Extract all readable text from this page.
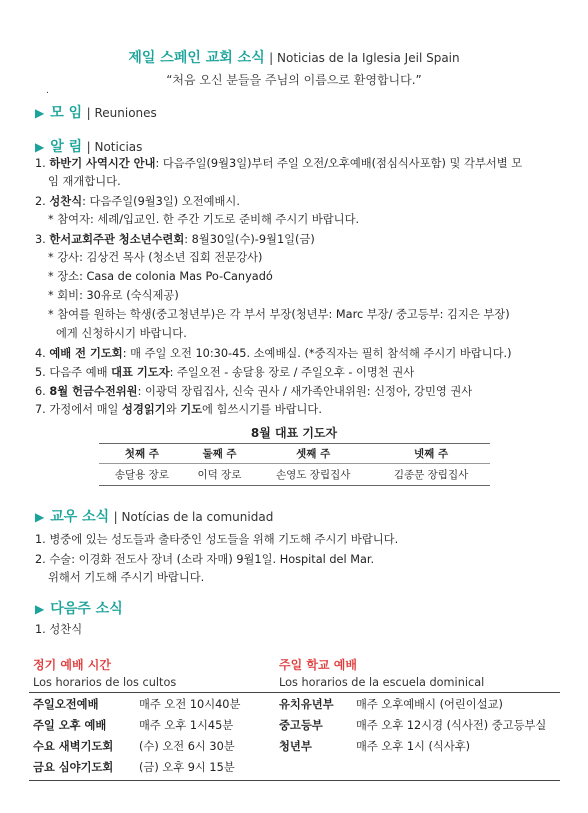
제일 스페인 교회 소식 | Noticias de la Iglesia Jeil Spain
“처음 오신 분들을 주님의 이름으로 환영합니다.”
.
▶ 모 임 | Reuniones
▶ 알 림 | Noticias
1. 하반기 사역시간 안내: 다음주일(9월3일)부터 주일 오전/오후예배(점심식사포함) 및 각부서별 모
임 재개합니다.
2. 성찬식: 다음주일(9월3일) 오전예배시.
* 참여자: 세례/입교인. 한 주간 기도로 준비해 주시기 바랍니다.
3. 한서교회주관 청소년수련회: 8월30일(수)-9월1일(금)
* 강사: 김상건 목사 (청소년 집회 전문강사)
* 장소: Casa de colonia Mas Po-Canyadó
* 회비: 30유로 (숙식제공)
* 참여를 원하는 학생(중고청년부)은 각 부서 부장(청년부: Marc 부장/ 중고등부: 김지은 부장)
에게 신청하시기 바랍니다.
4. 예배 전 기도회: 매 주일 오전 10:30-45. 소예배실. (*중직자는 필히 참석해 주시기 바랍니다.)
5. 다음주 예배 대표 기도자: 주일오전 - 송달용 장로 / 주일오후 - 이명천 권사
6. 8월 헌금수전위원: 이광덕 장립집사, 신숙 권사 / 새가족안내위원: 신정아, 강민영 권사
7. 가정에서 매일 성경읽기와 기도에 힘쓰시기를 바랍니다.
8월 대표 기도자
첫째 주	둘째 주	셋째 주	넷째 주
송달용 장로	이덕 장로	손영도 장립집사	김종문 장립집사
▶ 교우 소식 | Notícias de la comunidad
1. 병중에 있는 성도들과 출타중인 성도들을 위해 기도해 주시기 바랍니다.
2. 수술: 이경화 전도사 장녀 (소라 자매) 9월1일. Hospital del Mar.
위해서 기도해 주시기 바랍니다.
▶ 다음주 소식
1. 성찬식
정기 예배 시간
Los horarios de los cultos
주일 학교 예배
Los horarios de la escuela dominical
주일오전예배	매주 오전 10시40분
주일 오후 예배	매주 오후 1시45분
수요 새벽기도회 (수) 오전 6시 30분
금요 심야기도회 (금) 오후 9시 15분
유치유년부 매주 오후예배시 (어린이설교)
중고등부	매주 오후 12시경 (식사전) 중고등부실
청년부	매주 오후 1시 (식사후)
